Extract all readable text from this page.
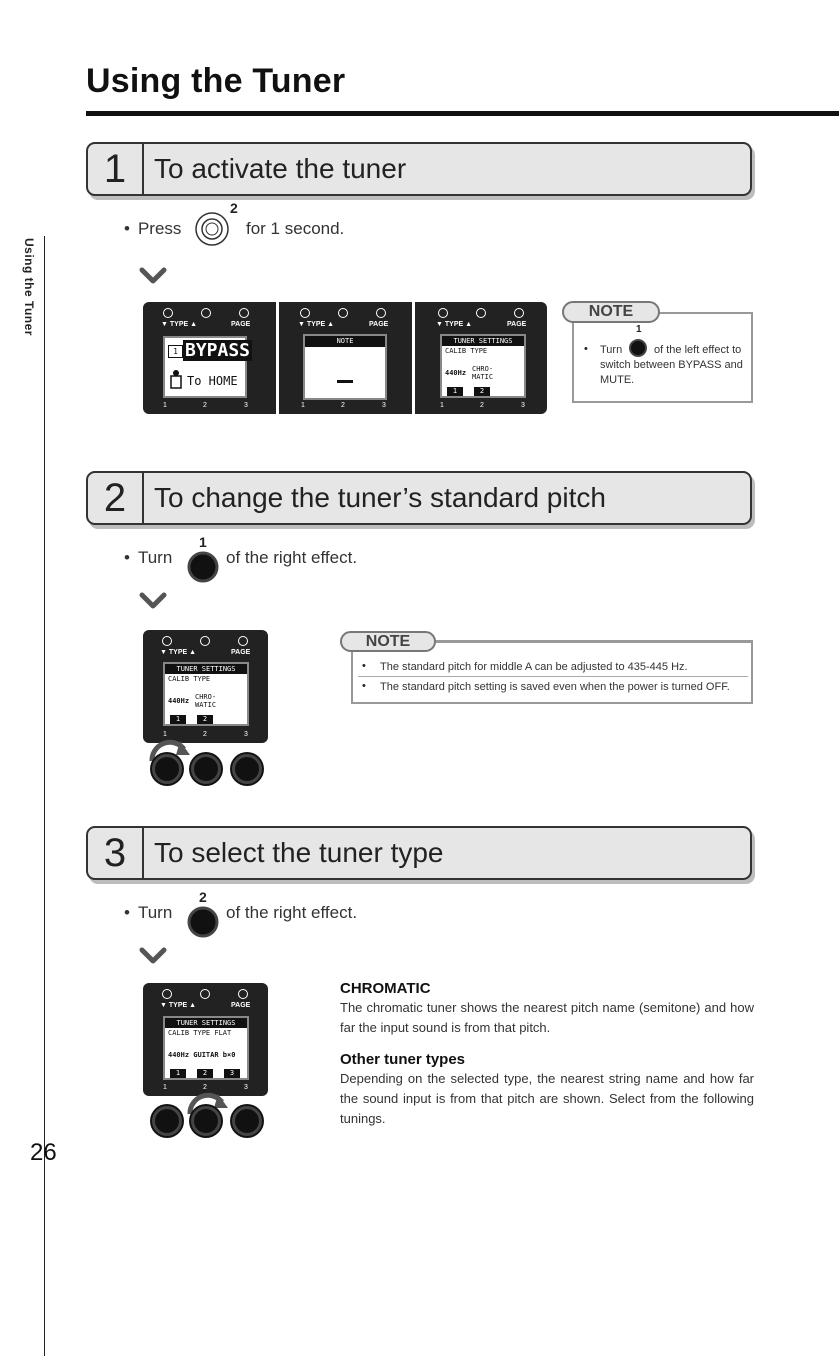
Using the Tuner
Using the Tuner
1 To activate the tuner
• Press
2
for 1 second.
▼ TYPE ▲	PAGE
1 BYPASS
To HOME
1	2	3
▼ TYPE ▲	PAGE
NOTE
1	2	3
▼ TYPE ▲	PAGE
TUNER SETTINGS
CALIB TYPE
440Hz CHRO-
MATIC
1	2
1	2	3
NOTE
• Turn
1
of the left effect to switch between BYPASS and MUTE.
2 To change the tuner’s standard pitch
• Turn
1
of the right effect.
▼ TYPE ▲	PAGE
TUNER SETTINGS
CALIB TYPE
440Hz CHRO-
WATIC
1	2
1	2	3
NOTE
• The standard pitch for middle A can be adjusted to 435-445 Hz.
• The standard pitch setting is saved even when the power is turned OFF.
3 To select the tuner type
• Turn
2
of the right effect.
▼ TYPE ▲	PAGE
TUNER SETTINGS
CALIB TYPE FLAT
440Hz GUITAR b×0
1	2	3
1	2	3
CHROMATIC
The chromatic tuner shows the nearest pitch name (semitone) and how far the input sound is from that pitch.
Other tuner types
Depending on the selected type, the nearest string name and how far the sound input is from that pitch are shown. Select from the following tunings.
26
